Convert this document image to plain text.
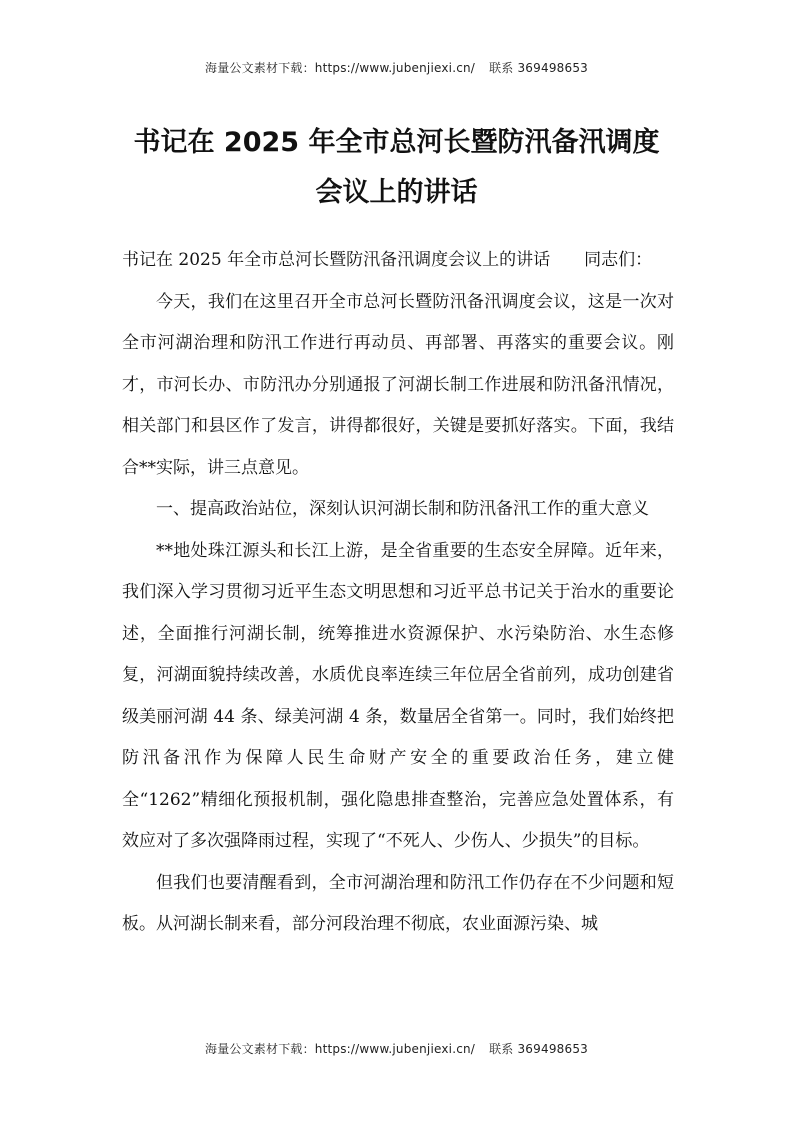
海量公文素材下载：https://www.jubenjiexi.cn/ 联系 369498653
书记在 2025 年全市总河长暨防汛备汛调度
会议上的讲话

书记在 2025 年全市总河长暨防汛备汛调度会议上的讲话 同志们：

今天，我们在这里召开全市总河长暨防汛备汛调度会议，这是一次对全市河湖治理和防汛工作进行再动员、再部署、再落实的重要会议。刚才，市河长办、市防汛办分别通报了河湖长制工作进展和防汛备汛情况，相关部门和县区作了发言，讲得都很好，关键是要抓好落实。下面，我结合**实际，讲三点意见。

一、提高政治站位，深刻认识河湖长制和防汛备汛工作的重大意义

**地处珠江源头和长江上游，是全省重要的生态安全屏障。近年来，我们深入学习贯彻习近平生态文明思想和习近平总书记关于治水的重要论述，全面推行河湖长制，统筹推进水资源保护、水污染防治、水生态修复，河湖面貌持续改善，水质优良率连续三年位居全省前列，成功创建省级美丽河湖 44 条、绿美河湖 4 条，数量居全省第一。同时，我们始终把防汛备汛作为保障人民生命财产安全的重要政治任务，建立健全“1262”精细化预报机制，强化隐患排查整治，完善应急处置体系，有效应对了多次强降雨过程，实现了“不死人、少伤人、少损失”的目标。

但我们也要清醒看到，全市河湖治理和防汛工作仍存在不少问题和短板。从河湖长制来看，部分河段治理不彻底，农业面源污染、城

海量公文素材下载：https://www.jubenjiexi.cn/ 联系 369498653
